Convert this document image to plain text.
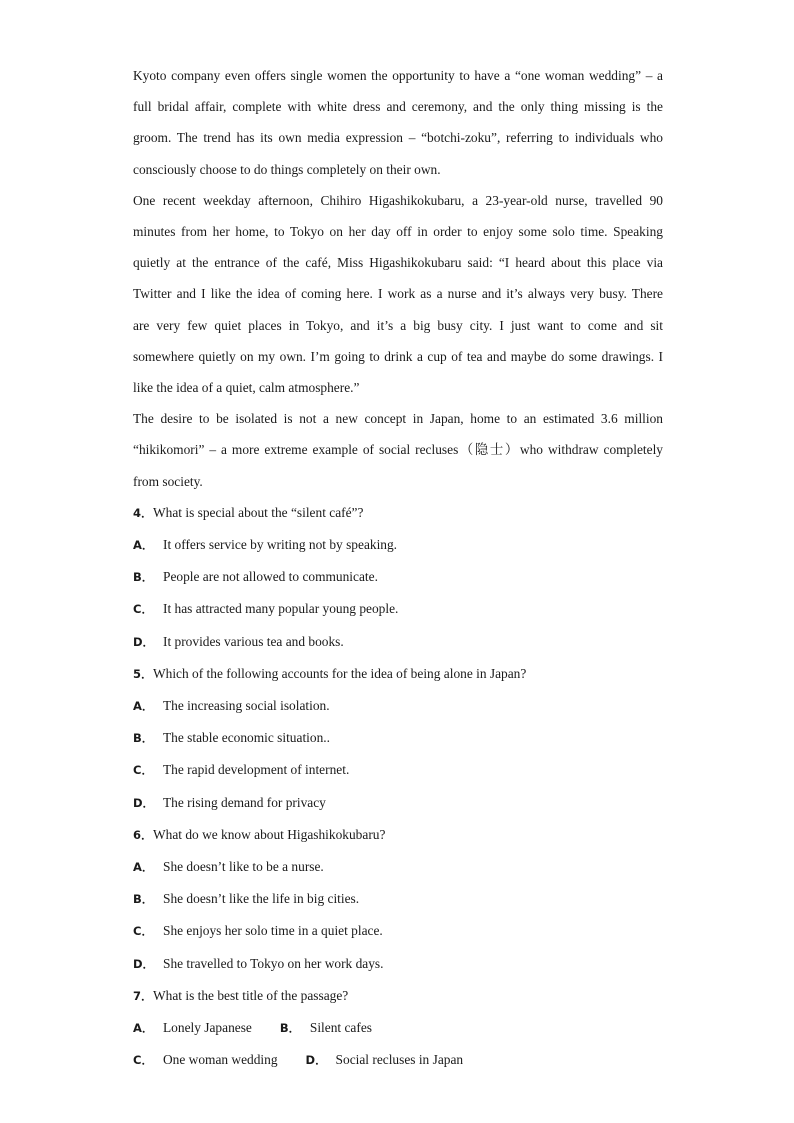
Kyoto company even offers single women the opportunity to have a “one woman wedding” – a
full bridal affair, complete with white dress and ceremony, and the only thing missing is the
groom. The trend has its own media expression – “botchi-zoku”, referring to individuals who
consciously choose to do things completely on their own.
One recent weekday afternoon, Chihiro Higashikokubaru, a 23-year-old nurse, travelled 90
minutes from her home, to Tokyo on her day off in order to enjoy some solo time. Speaking
quietly at the entrance of the café, Miss Higashikokubaru said: “I heard about this place via
Twitter and I like the idea of coming here. I work as a nurse and it’s always very busy. There
are very few quiet places in Tokyo, and it’s a big busy city. I just want to come and sit
somewhere quietly on my own. I’m going to drink a cup of tea and maybe do some drawings. I
like the idea of a quiet, calm atmosphere.”
The desire to be isolated is not a new concept in Japan, home to an estimated 3.6 million
“hikikomori” – a more extreme example of social recluses（隐士）who withdraw completely
from society.

4．What is special about the “silent café”?

A． It offers service by writing not by speaking.

B． People are not allowed to communicate.

C． It has attracted many popular young people.

D． It provides various tea and books.

5．Which of the following accounts for the idea of being alone in Japan?

A． The increasing social isolation.

B． The stable economic situation..

C． The rapid development of internet.

D． The rising demand for privacy

6．What do we know about Higashikokubaru?

A． She doesn’t like to be a nurse.

B． She doesn’t like the life in big cities.

C． She enjoys her solo time in a quiet place.

D． She travelled to Tokyo on her work days.

7．What is the best title of the passage?

A． Lonely Japanese B． Silent cafes

C． One woman wedding D． Social recluses in Japan
